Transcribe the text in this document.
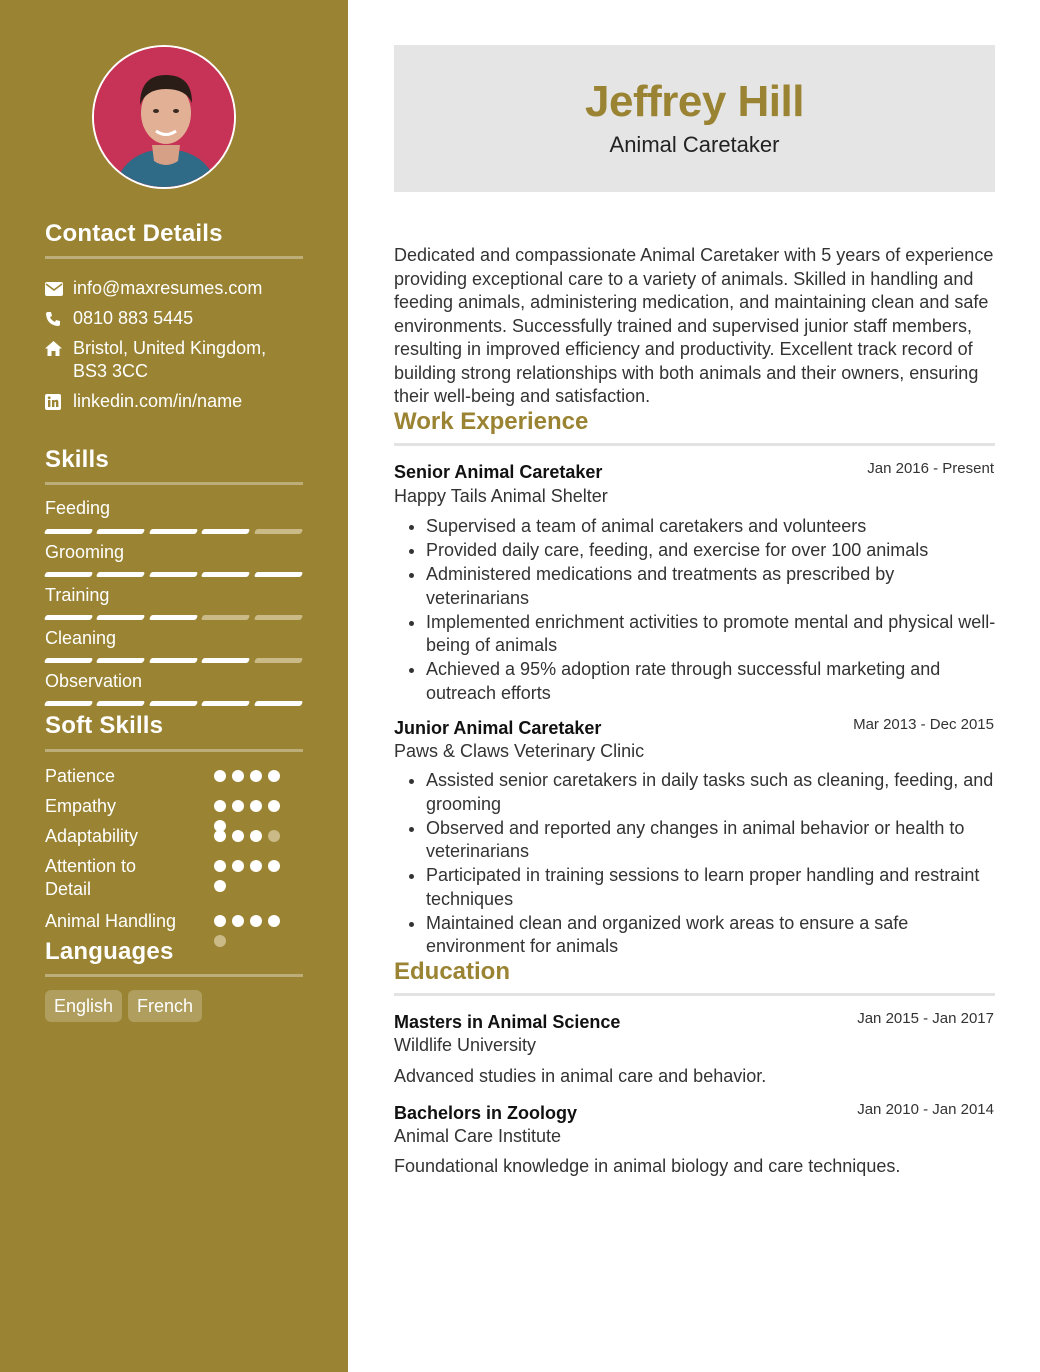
Contact Details
info@maxresumes.com
0810 883 5445
Bristol, United Kingdom, BS3 3CC
linkedin.com/in/name
Skills
Feeding
Grooming
Training
Cleaning
Observation
Soft Skills
Patience
Empathy
Adaptability
Attention to Detail
Animal Handling
Languages
English	French
Jeffrey Hill
Animal Caretaker
Dedicated and compassionate Animal Caretaker with 5 years of experience providing exceptional care to a variety of animals. Skilled in handling and feeding animals, administering medication, and maintaining clean and safe environments. Successfully trained and supervised junior staff members, resulting in improved efficiency and productivity. Excellent track record of building strong relationships with both animals and their owners, ensuring their well-being and satisfaction.
Work Experience
Senior Animal Caretaker	Jan 2016 - Present
Happy Tails Animal Shelter
• Supervised a team of animal caretakers and volunteers
• Provided daily care, feeding, and exercise for over 100 animals
• Administered medications and treatments as prescribed by veterinarians
• Implemented enrichment activities to promote mental and physical well-being of animals
• Achieved a 95% adoption rate through successful marketing and outreach efforts
Junior Animal Caretaker	Mar 2013 - Dec 2015
Paws & Claws Veterinary Clinic
• Assisted senior caretakers in daily tasks such as cleaning, feeding, and grooming
• Observed and reported any changes in animal behavior or health to veterinarians
• Participated in training sessions to learn proper handling and restraint techniques
• Maintained clean and organized work areas to ensure a safe environment for animals
Education
Masters in Animal Science	Jan 2015 - Jan 2017
Wildlife University
Advanced studies in animal care and behavior.
Bachelors in Zoology	Jan 2010 - Jan 2014
Animal Care Institute
Foundational knowledge in animal biology and care techniques.
